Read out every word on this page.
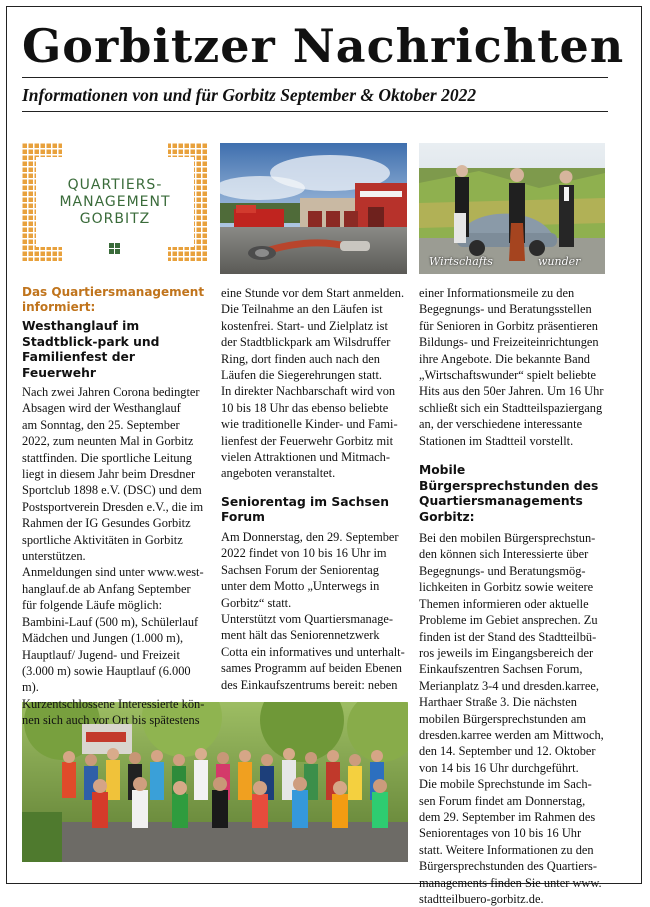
Gorbitzer Nachrichten
Informationen von und für Gorbitz September & Oktober 2022
QUARTIERS-
MANAGEMENT
GORBITZ
Wirtschafts	wunder
Das Quartiersmanagement informiert:
Westhanglauf im Stadtblick-park und Familienfest der Feuerwehr

Nach zwei Jahren Corona bedingter

Absagen wird der Westhanglauf

am Sonntag, den 25. September

2022, zum neunten Mal in Gorbitz

stattfinden. Die sportliche Leitung

liegt in diesem Jahr beim Dresdner

Sportclub 1898 e.V. (DSC) und dem

Postsportverein Dresden e.V., die im

Rahmen der IG Gesundes Gorbitz

sportliche Aktivitäten in Gorbitz

unterstützen.

Anmeldungen sind unter www.west-

hanglauf.de ab Anfang September

für folgende Läufe möglich:

Bambini-Lauf (500 m), Schülerlauf

Mädchen und Jungen (1.000 m),

Hauptlauf/ Jugend- und Freizeit

(3.000 m) sowie Hauptlauf (6.000 m).

Kurzentschlossene Interessierte kön-

nen sich auch vor Ort bis spätestens

eine Stunde vor dem Start anmelden.

Die Teilnahme an den Läufen ist

kostenfrei. Start- und Zielplatz ist

der Stadtblickpark am Wilsdruffer

Ring, dort finden auch nach den

Läufen die Siegerehrungen statt.

In direkter Nachbarschaft wird von

10 bis 18 Uhr das ebenso beliebte

wie traditionelle Kinder- und Fami-

lienfest der Feuerwehr Gorbitz mit

vielen Attraktionen und Mitmach-

angeboten veranstaltet.

Seniorentag im Sachsen Forum

Am Donnerstag, den 29. September

2022 findet von 10 bis 16 Uhr im

Sachsen Forum der Seniorentag

unter dem Motto „Unterwegs in

Gorbitz“ statt.

Unterstützt vom Quartiersmanage-

ment hält das Seniorennetzwerk

Cotta ein informatives und unterhalt-

sames Programm auf beiden Ebenen

des Einkaufszentrums bereit: neben

einer Informationsmeile zu den

Begegnungs- und Beratungsstellen

für Senioren in Gorbitz präsentieren

Bildungs- und Freizeiteinrichtungen

ihre Angebote. Die bekannte Band

„Wirtschaftswunder“ spielt beliebte

Hits aus den 50er Jahren. Um 16 Uhr

schließt sich ein Stadtteilspaziergang

an, der verschiedene interessante

Stationen im Stadtteil vorstellt.

Mobile Bürgersprechstunden des Quartiersmanagements Gorbitz:

Bei den mobilen Bürgersprechstun-

den können sich Interessierte über

Begegnungs- und Beratungsmög-

lichkeiten in Gorbitz sowie weitere

Themen informieren oder aktuelle

Probleme im Gebiet ansprechen. Zu

finden ist der Stand des Stadtteilbü-

ros jeweils im Eingangsbereich der

Einkaufszentren Sachsen Forum,

Merianplatz 3-4 und dresden.karree,

Harthaer Straße 3. Die nächsten

mobilen Bürgersprechstunden am

dresden.karree werden am Mittwoch,

den 14. September und 12. Oktober

von 14 bis 16 Uhr durchgeführt.

Die mobile Sprechstunde im Sach-

sen Forum findet am Donnerstag,

dem 29. September im Rahmen des

Seniorentages von 10 bis 16 Uhr

statt. Weitere Informationen zu den

Bürgersprechstunden des Quartiers-

managements finden Sie unter www.

stadtteilbuero-gorbitz.de.
